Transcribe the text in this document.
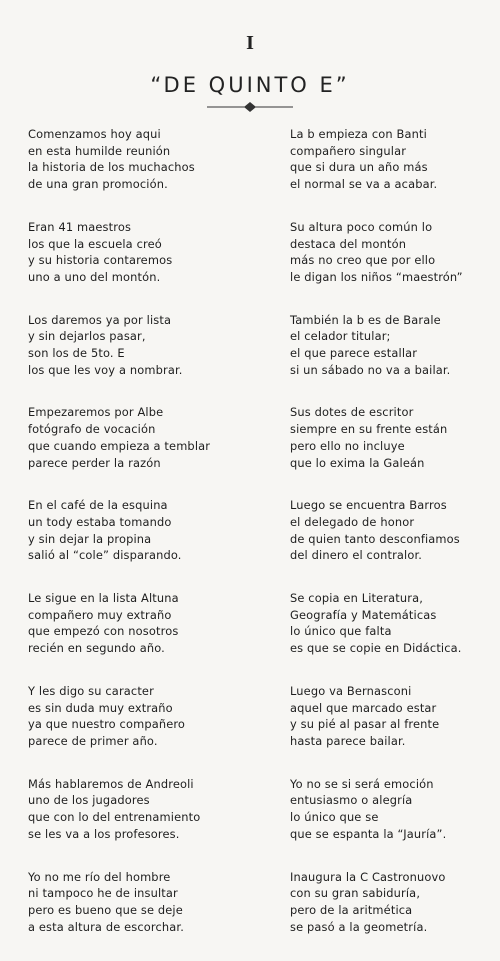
I
“DE QUINTO E”
Comenzamos hoy aqui
en esta humilde reunión
la historia de los muchachos
de una gran promoción.
Eran 41 maestros
los que la escuela creó
y su historia contaremos
uno a uno del montón.
Los daremos ya por lista
y sin dejarlos pasar,
son los de 5to. E
los que les voy a nombrar.
Empezaremos por Albe
fotógrafo de vocación
que cuando empieza a temblar
parece perder la razón
En el café de la esquina
un tody estaba tomando
y sin dejar la propina
salió al “cole” disparando.
Le sigue en la lista Altuna
compañero muy extraño
que empezó con nosotros
recién en segundo año.
Y les digo su caracter
es sin duda muy extraño
ya que nuestro compañero
parece de primer año.
Más hablaremos de Andreoli
uno de los jugadores
que con lo del entrenamiento
se les va a los profesores.
Yo no me río del hombre
ni tampoco he de insultar
pero es bueno que se deje
a esta altura de escorchar.
La b empieza con Banti
compañero singular
que si dura un año más
el normal se va a acabar.
Su altura poco común lo
destaca del montón
más no creo que por ello
le digan los niños “maestrón”
También la b es de Barale
el celador titular;
el que parece estallar
si un sábado no va a bailar.
Sus dotes de escritor
siempre en su frente están
pero ello no incluye
que lo exima la Galeán
Luego se encuentra Barros
el delegado de honor
de quien tanto desconfiamos
del dinero el contralor.
Se copia en Literatura,
Geografía y Matemáticas
lo único que falta
es que se copie en Didáctica.
Luego va Bernasconi
aquel que marcado estar
y su pié al pasar al frente
hasta parece bailar.
Yo no se si será emoción
entusiasmo o alegría
lo único que se
que se espanta la “Jauría”.
Inaugura la C Castronuovo
con su gran sabiduría,
pero de la aritmética
se pasó a la geometría.
